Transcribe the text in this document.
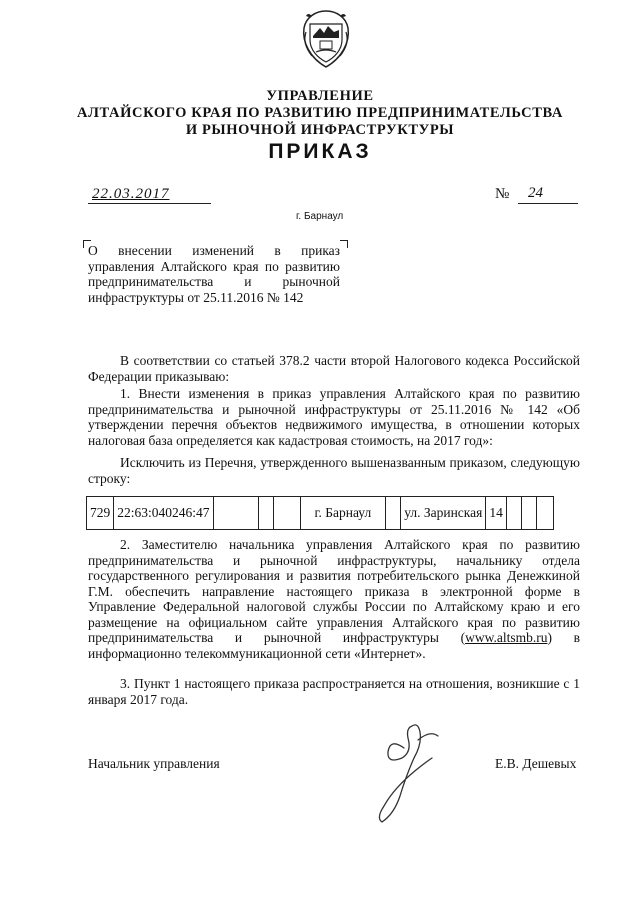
УПРАВЛЕНИЕ
АЛТАЙСКОГО КРАЯ ПО РАЗВИТИЮ ПРЕДПРИНИМАТЕЛЬСТВА
И РЫНОЧНОЙ ИНФРАСТРУКТУРЫ
ПРИКАЗ
22.03.2017	№ 24
г. Барнаул
О внесении изменений в приказ управления Алтайского края по развитию предпринимательства и рыночной инфраструктуры от 25.11.2016 № 142
В соответствии со статьей 378.2 части второй Налогового кодекса Российской Федерации приказываю:
1. Внести изменения в приказ управления Алтайского края по развитию предпринимательства и рыночной инфраструктуры от 25.11.2016 № 142 «Об утверждении перечня объектов недвижимого имущества, в отношении которых налоговая база определяется как кадастровая стоимость, на 2017 год»:
Исключить из Перечня, утвержденного вышеназванным приказом, следующую строку:
729	22:63:040246:47				г. Барнаул		ул. Заринская	14			
2. Заместителю начальника управления Алтайского края по развитию предпринимательства и рыночной инфраструктуры, начальнику отдела государственного регулирования и развития потребительского рынка Денежкиной Г.М. обеспечить направление настоящего приказа в электронной форме в Управление Федеральной налоговой службы России по Алтайскому краю и его размещение на официальном сайте управления Алтайского края по развитию предпринимательства и рыночной инфраструктуры (www.altsmb.ru) в информационно телекоммуникационной сети «Интернет».
3. Пункт 1 настоящего приказа распространяется на отношения, возникшие с 1 января 2017 года.
Начальник управления	Е.В. Дешевых
